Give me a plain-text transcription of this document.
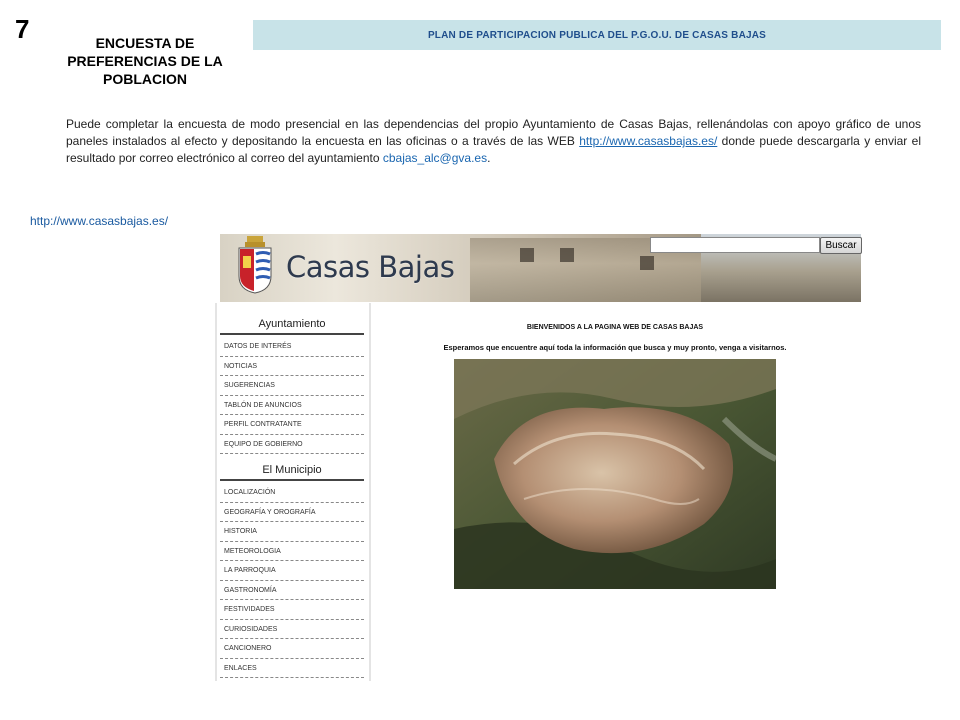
7	ENCUESTA DE PREFERENCIAS DE LA POBLACION
PLAN DE PARTICIPACION PUBLICA DEL P.G.O.U. DE CASAS BAJAS
Puede completar la encuesta de modo presencial en las dependencias del propio Ayuntamiento de Casas Bajas, rellenándolas con apoyo gráfico de unos paneles instalados al efecto y depositando la encuesta en las oficinas o a través de las WEB http://www.casasbajas.es/ donde puede descargarla y enviar el resultado por correo electrónico al correo del ayuntamiento cbajas_alc@gva.es.
http://www.casasbajas.es/
Casas Bajas
Buscar
Ayuntamiento
DATOS DE INTERÉS
NOTICIAS
SUGERENCIAS
TABLÓN DE ANUNCIOS
PERFIL CONTRATANTE
EQUIPO DE GOBIERNO
El Municipio
LOCALIZACIÓN
GEOGRAFÍA Y OROGRAFÍA
HISTORIA
METEOROLOGIA
LA PARROQUIA
GASTRONOMÍA
FESTIVIDADES
CURIOSIDADES
CANCIONERO
ENLACES
BIENVENIDOS A LA PAGINA WEB DE CASAS BAJAS
Esperamos que encuentre aquí toda la información que busca y muy pronto, venga a visitarnos.
